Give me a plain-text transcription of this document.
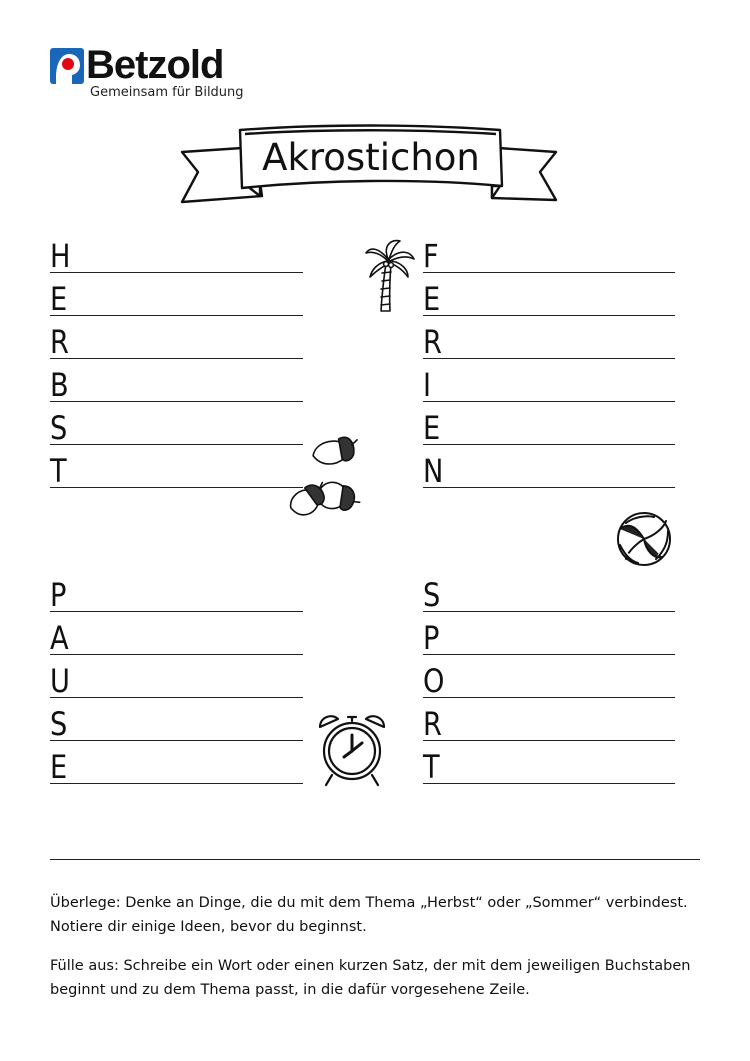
Betzold
Gemeinsam für Bildung
Akrostichon
H
E
R
B
S
T
F
E
R
I
E
N
P
A
U
S
E
S
P
O
R
T

Überlege: Denke an Dinge, die du mit dem Thema „Herbst“ oder „Sommer“ verbindest. Notiere dir einige Ideen, bevor du beginnst.

Fülle aus: Schreibe ein Wort oder einen kurzen Satz, der mit dem jeweiligen Buchstaben beginnt und zu dem Thema passt, in die dafür vorgesehene Zeile.
